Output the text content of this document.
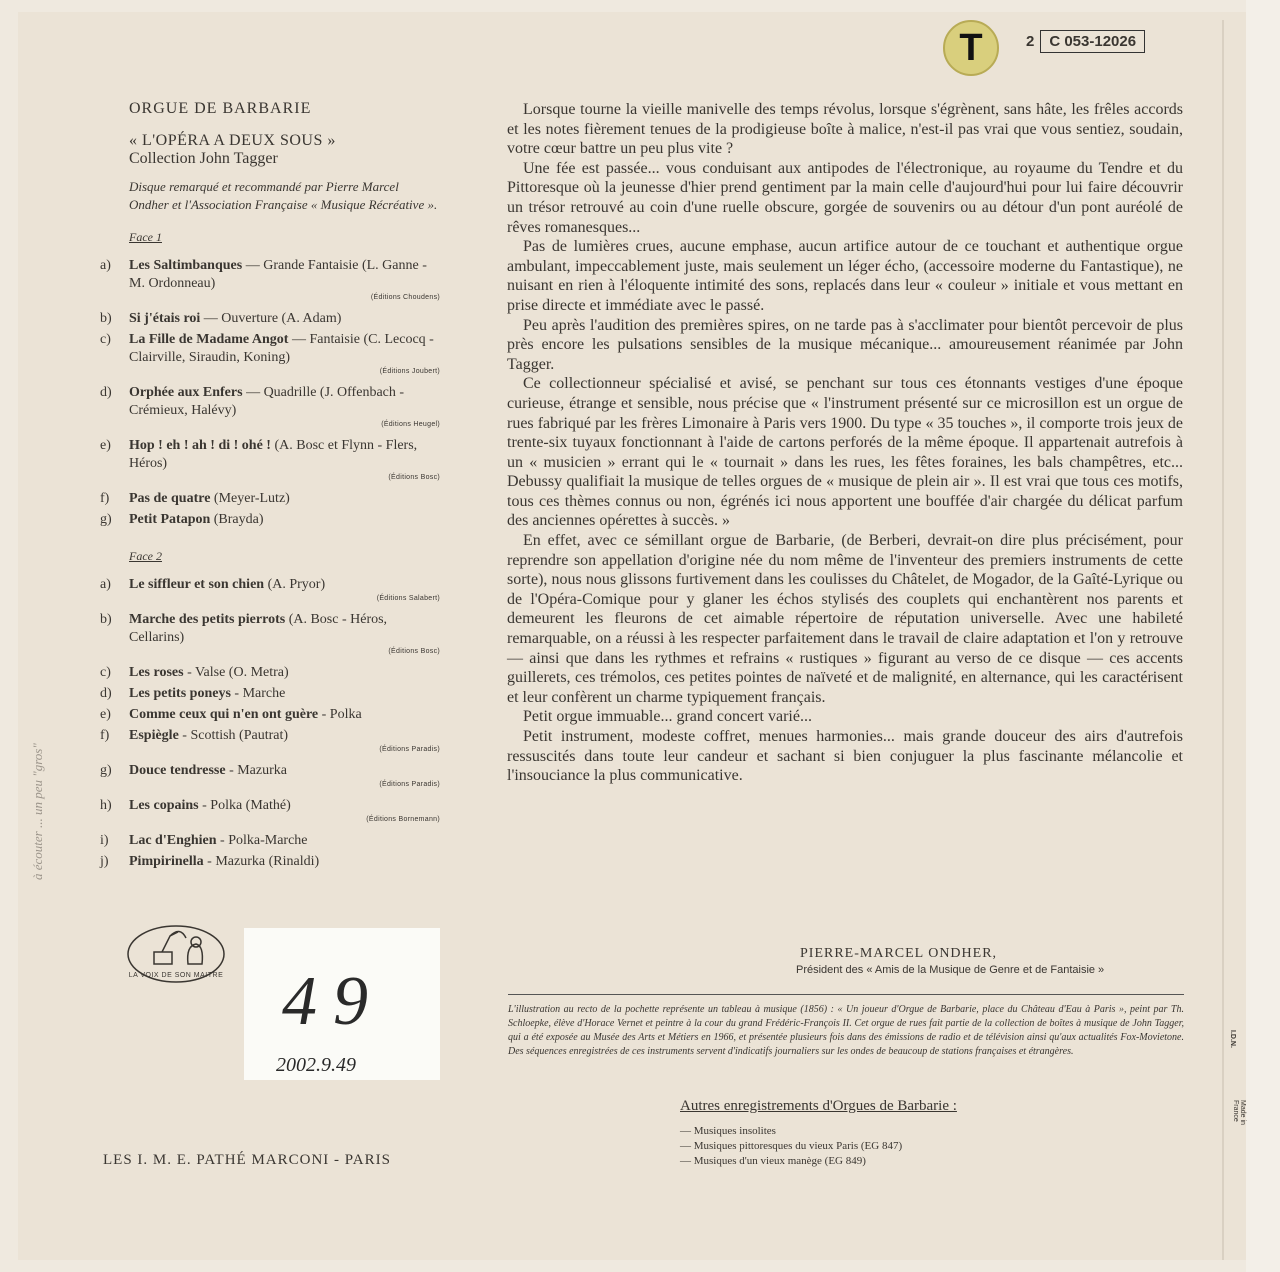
T	2 C 053-12026
ORGUE DE BARBARIE
« L'OPÉRA A DEUX SOUS »
Collection John Tagger
Disque remarqué et recommandé par Pierre Marcel Ondher et l'Association Française « Musique Récréative ».
Face 1
a) Les Saltimbanques — Grande Fantaisie (L. Ganne - M. Ordonneau)
(Éditions Choudens)
b) Si j'étais roi — Ouverture (A. Adam)
c) La Fille de Madame Angot — Fantaisie (C. Lecocq - Clairville, Siraudin, Koning)
(Éditions Joubert)
d) Orphée aux Enfers — Quadrille (J. Offenbach - Crémieux, Halévy)
(Éditions Heugel)
e) Hop ! eh ! ah ! di ! ohé ! (A. Bosc et Flynn - Flers, Héros)
(Éditions Bosc)
f) Pas de quatre (Meyer-Lutz)
g) Petit Patapon (Brayda)
Face 2
a) Le siffleur et son chien (A. Pryor)
(Éditions Salabert)
b) Marche des petits pierrots (A. Bosc - Héros, Cellarins)
(Éditions Bosc)
c) Les roses - Valse (O. Metra)
d) Les petits poneys - Marche
e) Comme ceux qui n'en ont guère - Polka
f) Espiègle - Scottish (Pautrat)
(Éditions Paradis)
g) Douce tendresse - Mazurka
(Éditions Paradis)
h) Les copains - Polka (Mathé)
(Éditions Bornemann)
i) Lac d'Enghien - Polka-Marche
j) Pimpirinella - Mazurka (Rinaldi)
LA VOIX DE SON MAITRE 49
2002.9.49
à écouter ... un peu "gros"
LES I. M. E. PATHÉ MARCONI - PARIS

Lorsque tourne la vieille manivelle des temps révolus, lorsque s'égrènent, sans hâte, les frêles accords et les notes fièrement tenues de la prodigieuse boîte à malice, n'est-il pas vrai que vous sentiez, soudain, votre cœur battre un peu plus vite ?

Une fée est passée... vous conduisant aux antipodes de l'électronique, au royaume du Tendre et du Pittoresque où la jeunesse d'hier prend gentiment par la main celle d'aujourd'hui pour lui faire découvrir un trésor retrouvé au coin d'une ruelle obscure, gorgée de souvenirs ou au détour d'un pont auréolé de rêves romanesques...

Pas de lumières crues, aucune emphase, aucun artifice autour de ce touchant et authentique orgue ambulant, impeccablement juste, mais seulement un léger écho, (accessoire moderne du Fantastique), ne nuisant en rien à l'éloquente intimité des sons, replacés dans leur « couleur » initiale et vous mettant en prise directe et immédiate avec le passé.

Peu après l'audition des premières spires, on ne tarde pas à s'acclimater pour bientôt percevoir de plus près encore les pulsations sensibles de la musique mécanique... amoureusement réanimée par John Tagger.

Ce collectionneur spécialisé et avisé, se penchant sur tous ces étonnants vestiges d'une époque curieuse, étrange et sensible, nous précise que « l'instrument présenté sur ce microsillon est un orgue de rues fabriqué par les frères Limonaire à Paris vers 1900. Du type « 35 touches », il comporte trois jeux de trente-six tuyaux fonctionnant à l'aide de cartons perforés de la même époque. Il appartenait autrefois à un « musicien » errant qui le « tournait » dans les rues, les fêtes foraines, les bals champêtres, etc... Debussy qualifiait la musique de telles orgues de « musique de plein air ». Il est vrai que tous ces motifs, tous ces thèmes connus ou non, égrénés ici nous apportent une bouffée d'air chargée du délicat parfum des anciennes opérettes à succès. »

En effet, avec ce sémillant orgue de Barbarie, (de Berberi, devrait-on dire plus précisément, pour reprendre son appellation d'origine née du nom même de l'inventeur des premiers instruments de cette sorte), nous nous glissons furtivement dans les coulisses du Châtelet, de Mogador, de la Gaîté-Lyrique ou de l'Opéra-Comique pour y glaner les échos stylisés des couplets qui enchantèrent nos parents et demeurent les fleurons de cet aimable répertoire de réputation universelle. Avec une habileté remarquable, on a réussi à les respecter parfaitement dans le travail de claire adaptation et l'on y retrouve — ainsi que dans les rythmes et refrains « rustiques » figurant au verso de ce disque — ces accents guillerets, ces trémolos, ces petites pointes de naïveté et de malignité, en alternance, qui les caractérisent et leur confèrent un charme typiquement français.

Petit orgue immuable... grand concert varié...

Petit instrument, modeste coffret, menues harmonies... mais grande douceur des airs d'autrefois ressuscités dans toute leur candeur et sachant si bien conjuguer la plus fascinante mélancolie et l'insouciance la plus communicative.

PIERRE-MARCEL ONDHER,
Président des « Amis de la Musique de Genre et de Fantaisie »
L'illustration au recto de la pochette représente un tableau à musique (1856) : « Un joueur d'Orgue de Barbarie, place du Château d'Eau à Paris », peint par Th. Schloepke, élève d'Horace Vernet et peintre à la cour du grand Frédéric-François II. Cet orgue de rues fait partie de la collection de boîtes à musique de John Tagger, qui a été exposée au Musée des Arts et Métiers en 1966, et présentée plusieurs fois dans des émissions de radio et de télévision ainsi qu'aux actualités Fox-Movietone. Des séquences enregistrées de ces instruments servent d'indicatifs journaliers sur les ondes de beaucoup de stations françaises et étrangères.
Autres enregistrements d'Orgues de Barbarie :
— Musiques insolites
— Musiques pittoresques du vieux Paris (EG 847)
— Musiques d'un vieux manège (EG 849)
I.D.N.
Made in France
